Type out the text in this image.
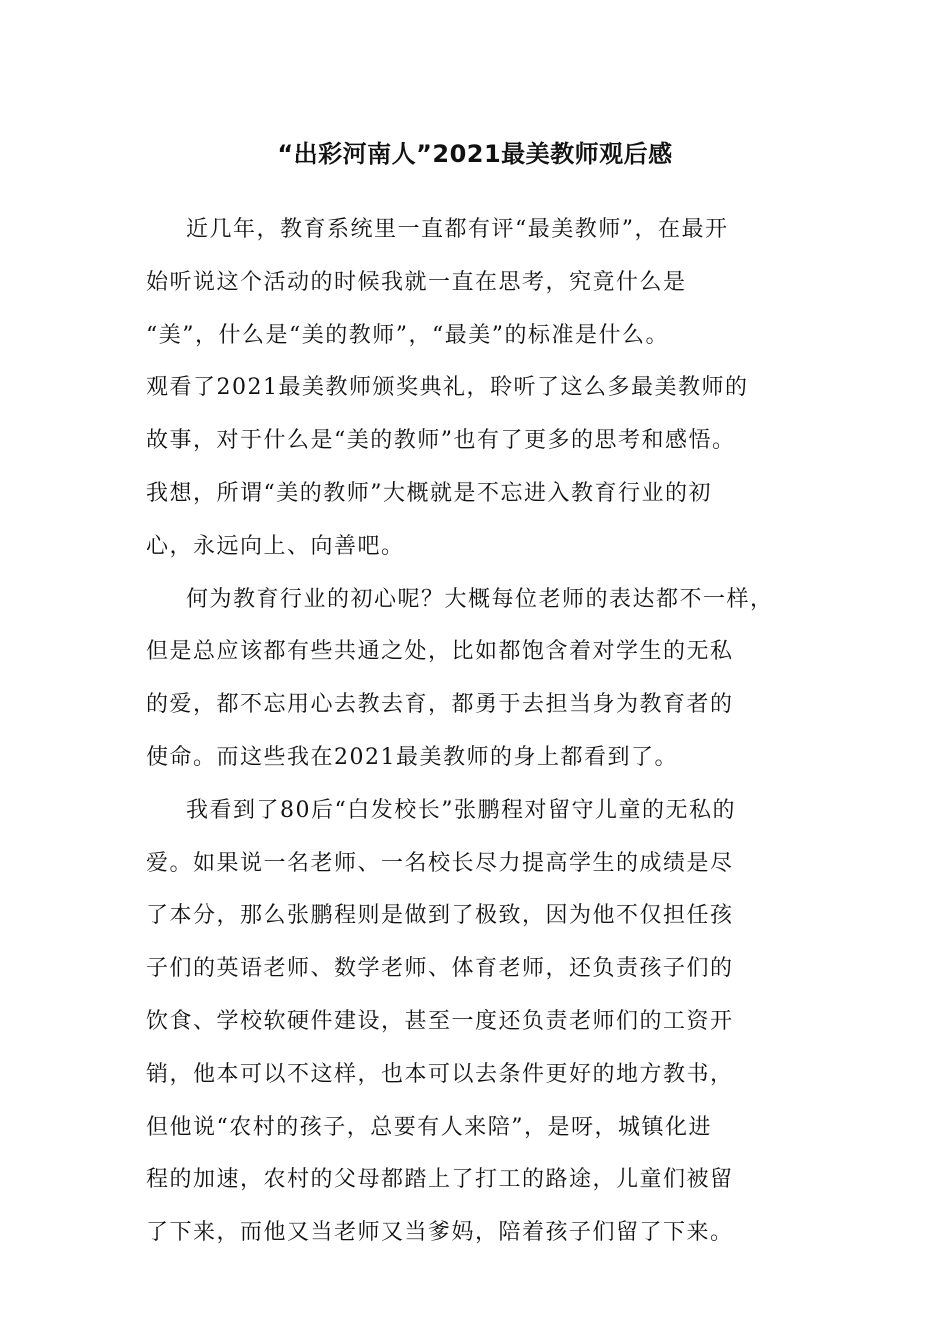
“出彩河南人”2021最美教师观后感
近几年，教育系统里一直都有评“最美教师”，在最开
始听说这个活动的时候我就一直在思考，究竟什么是
“美”，什么是“美的教师”，“最美”的标准是什么。
观看了2021最美教师颁奖典礼，聆听了这么多最美教师的
故事，对于什么是“美的教师”也有了更多的思考和感悟。
我想，所谓“美的教师”大概就是不忘进入教育行业的初
心，永远向上、向善吧。
何为教育行业的初心呢？大概每位老师的表达都不一样，
但是总应该都有些共通之处，比如都饱含着对学生的无私
的爱，都不忘用心去教去育，都勇于去担当身为教育者的
使命。而这些我在2021最美教师的身上都看到了。
我看到了80后“白发校长”张鹏程对留守儿童的无私的
爱。如果说一名老师、一名校长尽力提高学生的成绩是尽
了本分，那么张鹏程则是做到了极致，因为他不仅担任孩
子们的英语老师、数学老师、体育老师，还负责孩子们的
饮食、学校软硬件建设，甚至一度还负责老师们的工资开
销，他本可以不这样，也本可以去条件更好的地方教书，
但他说“农村的孩子，总要有人来陪”，是呀，城镇化进
程的加速，农村的父母都踏上了打工的路途，儿童们被留
了下来，而他又当老师又当爹妈，陪着孩子们留了下来。
